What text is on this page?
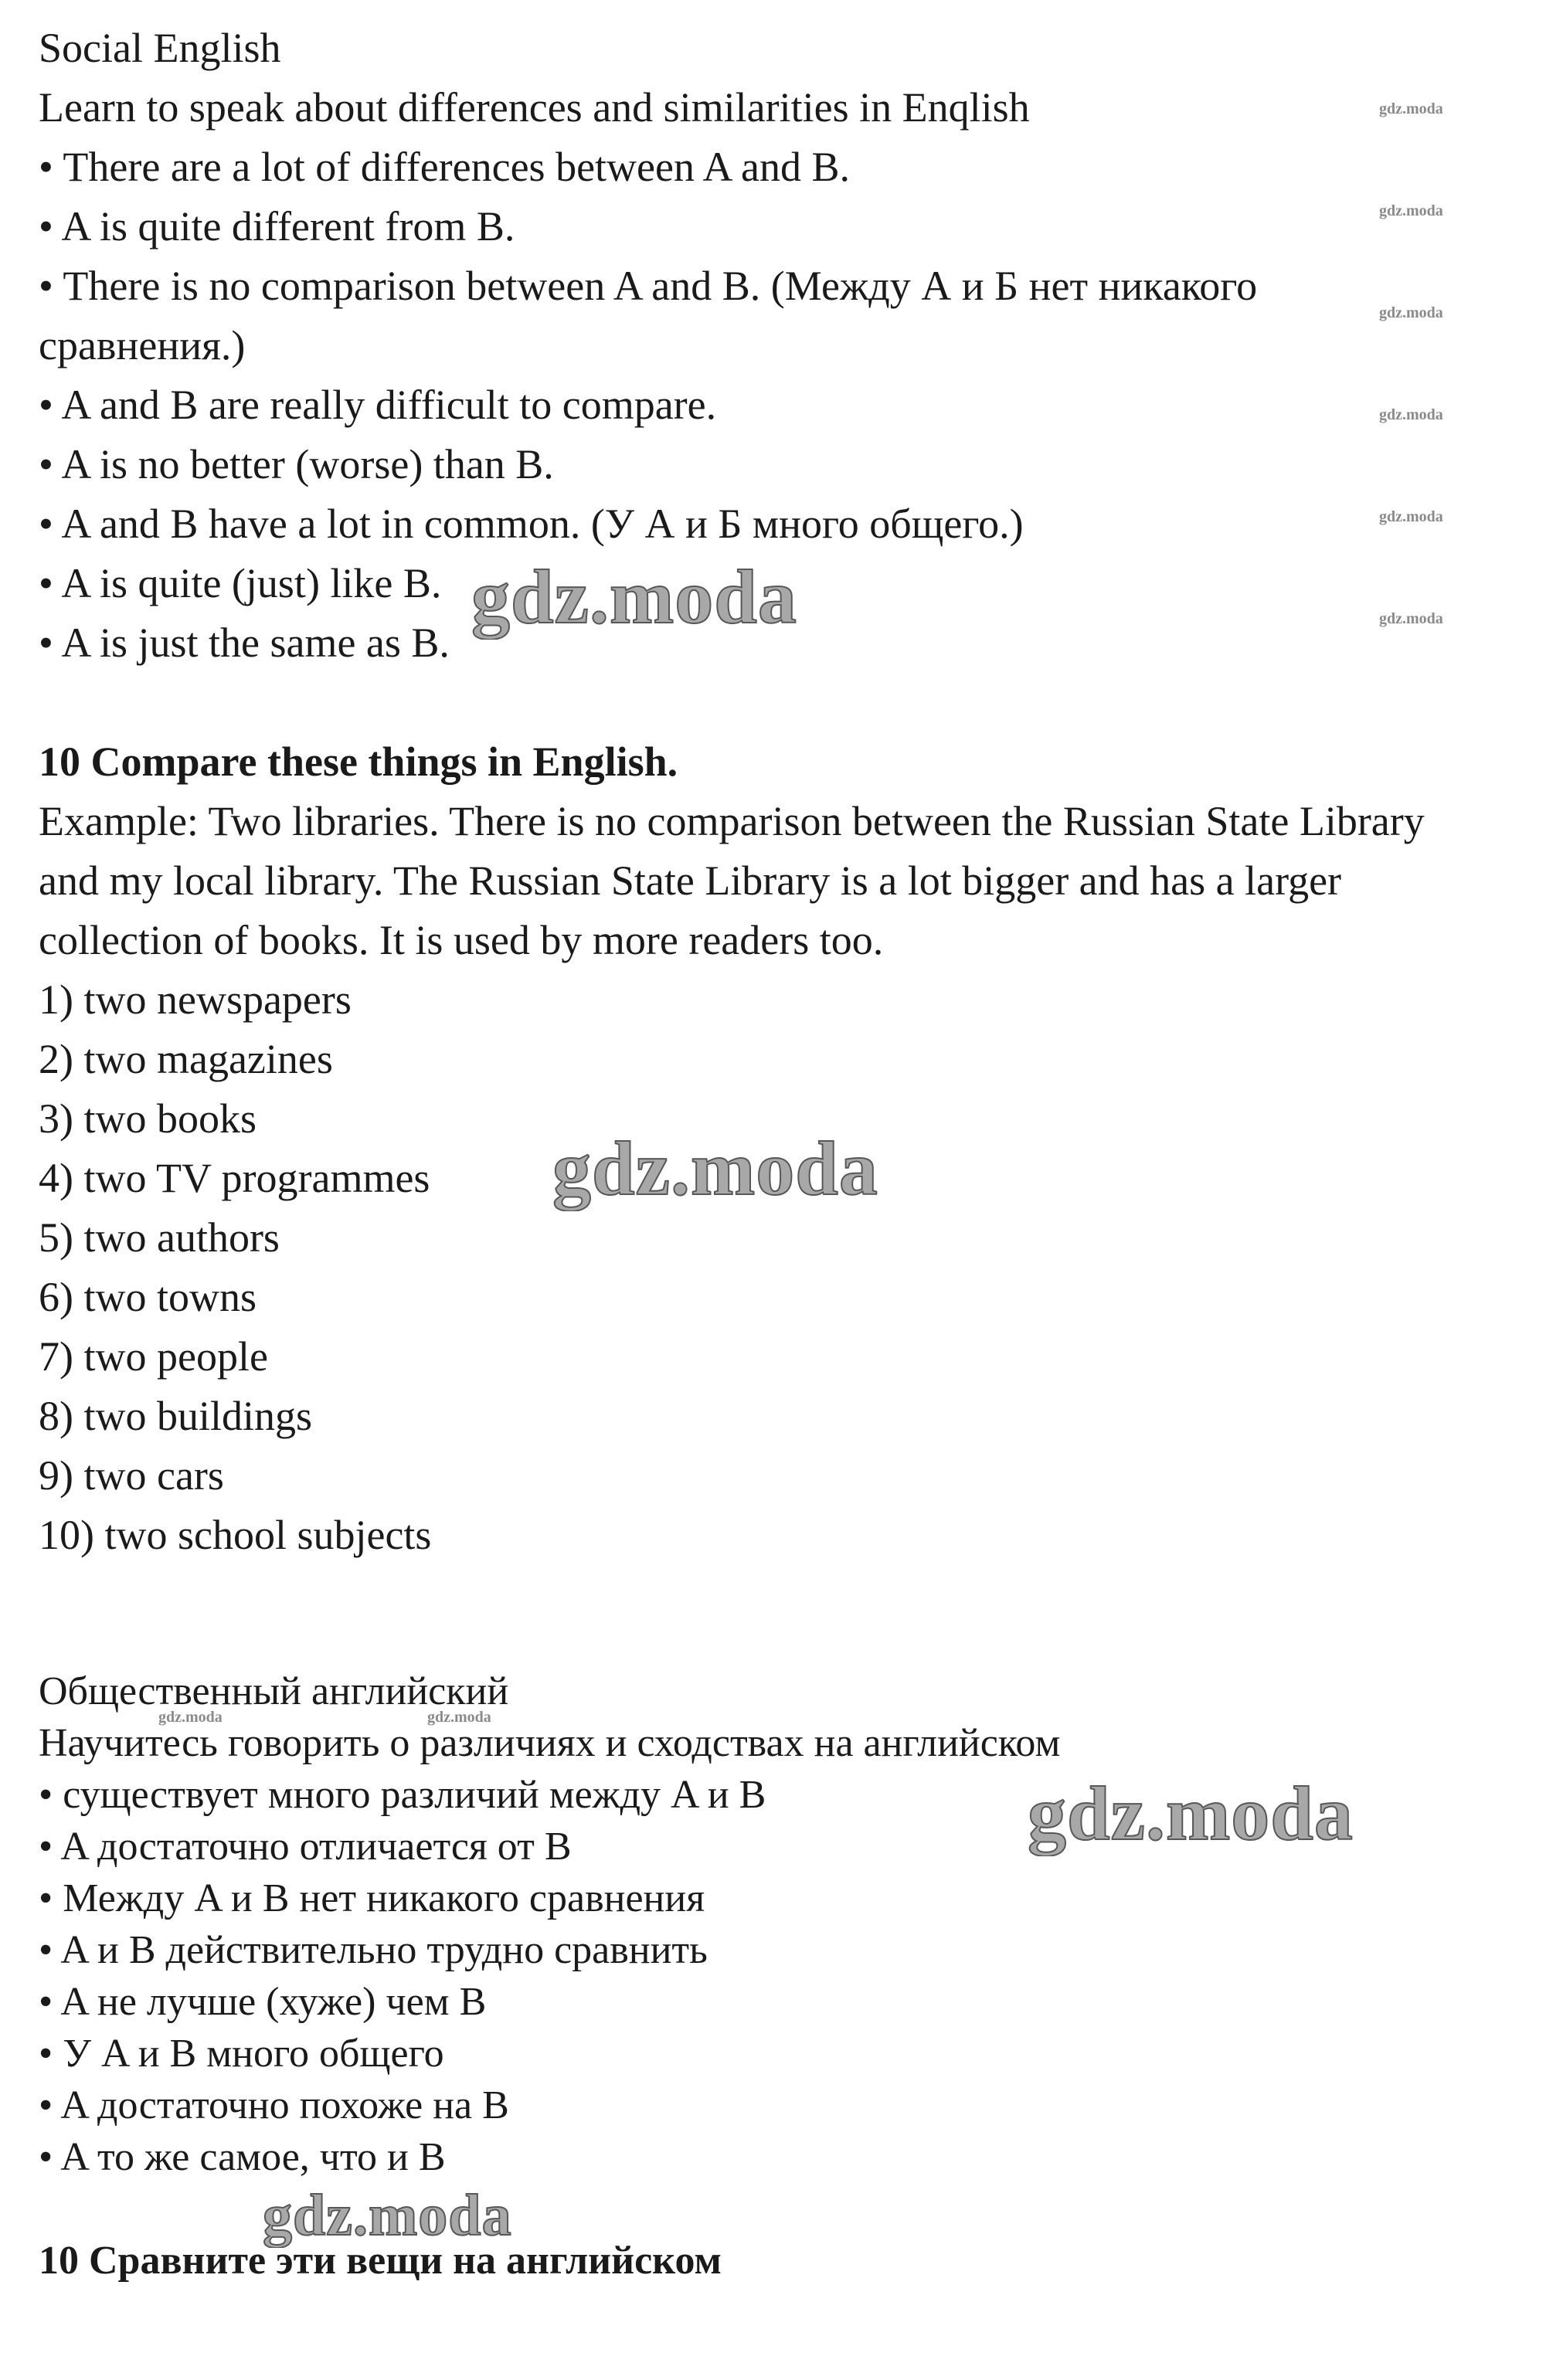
Social English
Learn to speak about differences and similarities in Enqlish
• There are a lot of differences between A and B.
• A is quite different from B.
• There is no comparison between A and B. (Между А и Б нет никакого
сравнения.)
• A and B are really difficult to compare.
• A is no better (worse) than B.
• A and B have a lot in common. (У А и Б много общего.)
• A is quite (just) like B.
• A is just the same as B.
10 Compare these things in English.
Example: Two libraries. There is no comparison between the Russian State Library
and my local library. The Russian State Library is a lot bigger and has a larger
collection of books. It is used by more readers too.
1) two newspapers
2) two magazines
3) two books
4) two TV programmes
5) two authors
6) two towns
7) two people
8) two buildings
9) two cars
10) two school subjects
Общественный английский
Научитесь говорить о различиях и сходствах на английском
• существует много различий между A и B
• A достаточно отличается от B
• Между A и B нет никакого сравнения
• A и B действительно трудно сравнить
• A не лучше (хуже) чем B
• У A и B много общего
• A достаточно похоже на B
• A то же самое, что и B
10 Сравните эти вещи на английском
gdz.moda
gdz.moda
gdz.moda
gdz.moda
gdz.moda
gdz.moda
gdz.moda	gdz.moda
gdz.moda
gdz.moda
gdz.moda
gdz.moda
